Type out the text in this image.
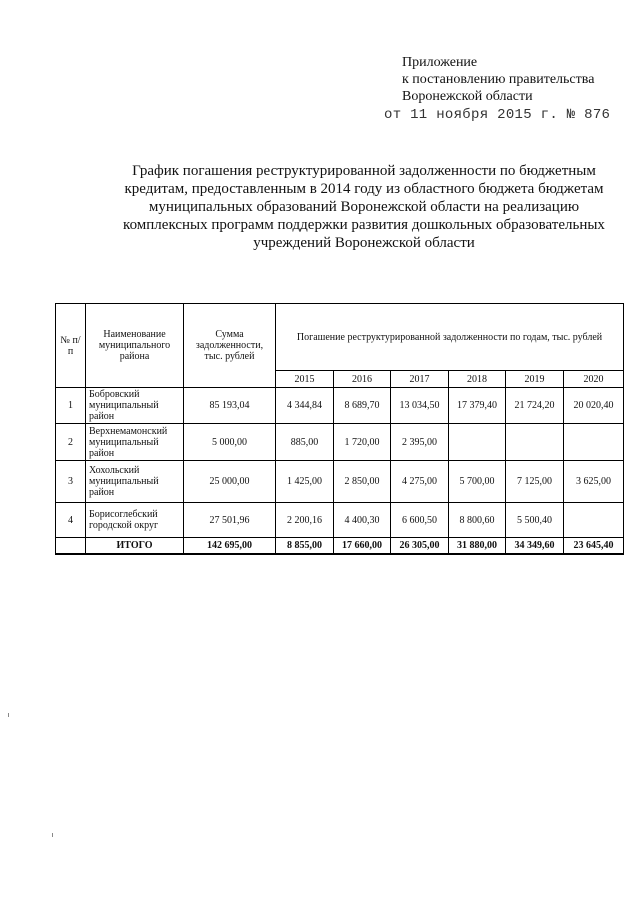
Приложение
к постановлению правительства
Воронежской области
от 11 ноября 2015 г. № 876
График погашения реструктурированной задолженности по бюджетным
кредитам, предоставленным в 2014 году из областного бюджета бюджетам
муниципальных образований Воронежской области на реализацию
комплексных программ поддержки развития дошкольных образовательных
учреждений Воронежской области
№ п/п	Наименование муниципального района	Сумма задолженности, тыс. рублей	Погашение реструктурированной задолженности по годам, тыс. рублей					
			2015	2016	2017	2018	2019	2020
1	Бобровский муниципальный район	85 193,04	4 344,84	8 689,70	13 034,50	17 379,40	21 724,20	20 020,40
2	Верхнемамонский муниципальный район	5 000,00	885,00	1 720,00	2 395,00			
3	Хохольский муниципальный район	25 000,00	1 425,00	2 850,00	4 275,00	5 700,00	7 125,00	3 625,00
4	Борисоглебский городской округ	27 501,96	2 200,16	4 400,30	6 600,50	8 800,60	5 500,40	
	ИТОГО	142 695,00	8 855,00	17 660,00	26 305,00	31 880,00	34 349,60	23 645,40
